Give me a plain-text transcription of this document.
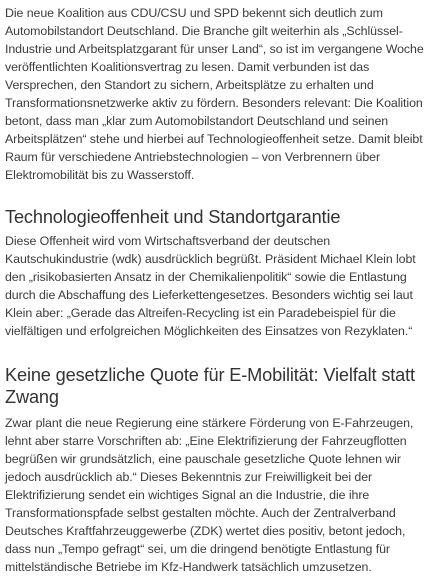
Die neue Koalition aus CDU/CSU und SPD bekennt sich deutlich zum Automobilstandort Deutschland. Die Branche gilt weiterhin als „Schlüssel-Industrie und Arbeitsplatzgarant für unser Land“, so ist im vergangene Woche veröffentlichten Koalitionsvertrag zu lesen. Damit verbunden ist das Versprechen, den Standort zu sichern, Arbeitsplätze zu erhalten und Transformationsnetzwerke aktiv zu fördern. Besonders relevant: Die Koalition betont, dass man „klar zum Automobilstandort Deutschland und seinen Arbeitsplätzen“ stehe und hierbei auf Technologieoffenheit setze. Damit bleibt Raum für verschiedene Antriebstechnologien – von Verbrennern über Elektromobilität bis zu Wasserstoff.

Technologieoffenheit und Standortgarantie

Diese Offenheit wird vom Wirtschaftsverband der deutschen Kautschukindustrie (wdk) ausdrücklich begrüßt. Präsident Michael Klein lobt den „risikobasierten Ansatz in der Chemikalienpolitik“ sowie die Entlastung durch die Abschaffung des Lieferkettengesetzes. Besonders wichtig sei laut Klein aber: „Gerade das Altreifen-Recycling ist ein Paradebeispiel für die vielfältigen und erfolgreichen Möglichkeiten des Einsatzes von Rezyklaten.“

Keine gesetzliche Quote für E-Mobilität: Vielfalt statt Zwang

Zwar plant die neue Regierung eine stärkere Förderung von E-Fahrzeugen, lehnt aber starre Vorschriften ab: „Eine Elektrifizierung der Fahrzeugflotten begrüßen wir grundsätzlich, eine pauschale gesetzliche Quote lehnen wir jedoch ausdrücklich ab.“ Dieses Bekenntnis zur Freiwilligkeit bei der Elektrifizierung sendet ein wichtiges Signal an die Industrie, die ihre Transformationspfade selbst gestalten möchte. Auch der Zentralverband Deutsches Kraftfahrzeuggewerbe (ZDK) wertet dies positiv, betont jedoch, dass nun „Tempo gefragt“ sei, um die dringend benötigte Entlastung für mittelständische Betriebe im Kfz-Handwerk tatsächlich umzusetzen.
